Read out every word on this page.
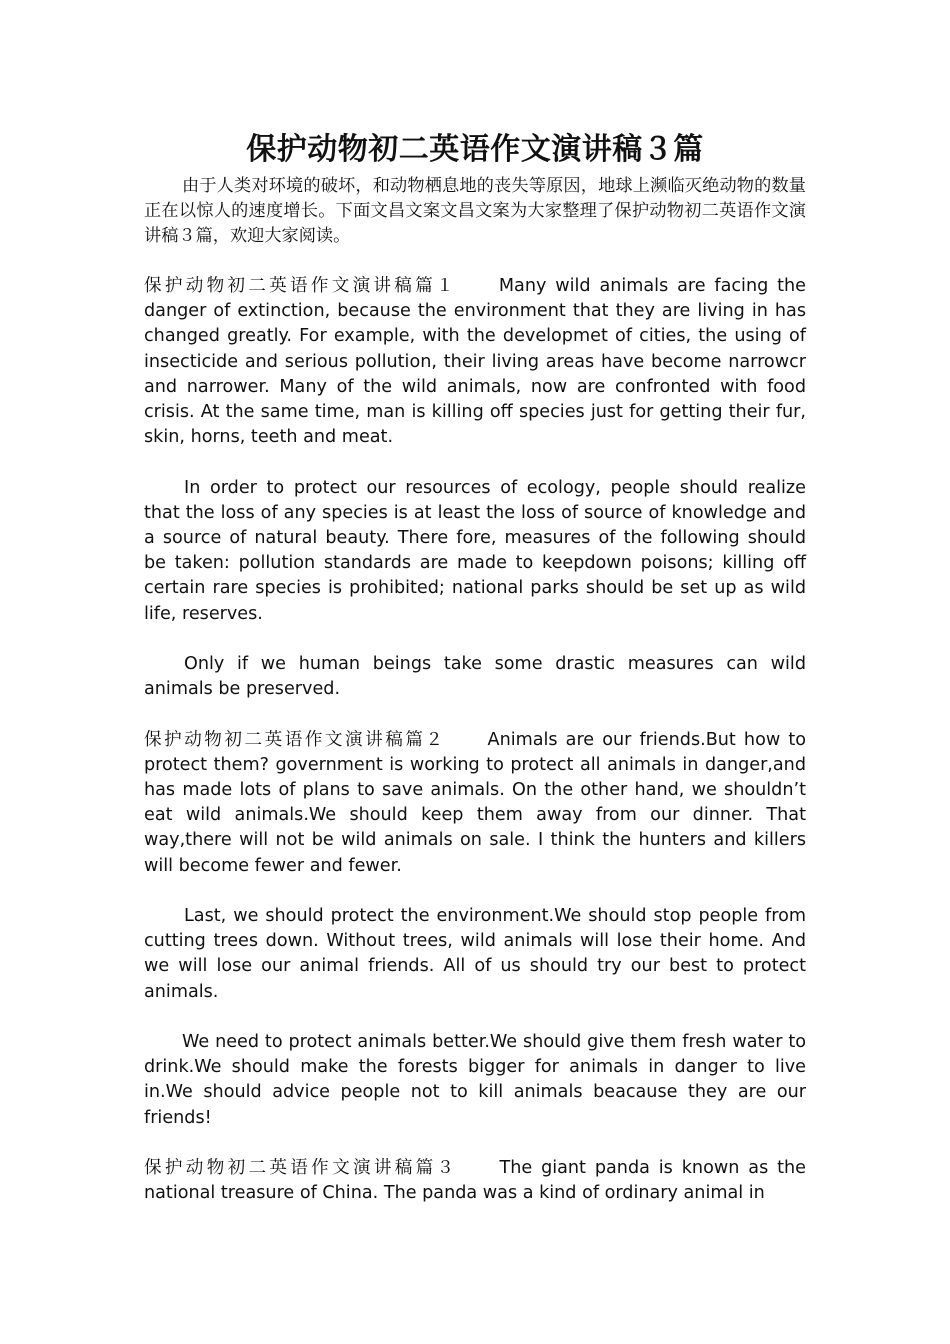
保护动物初二英语作文演讲稿３篇

由于人类对环境的破坏，和动物栖息地的丧失等原因，地球上濒临灭绝动物的数量正在以惊人的速度增长。下面文昌文案文昌文案为大家整理了保护动物初二英语作文演讲稿３篇，欢迎大家阅读。

保护动物初二英语作文演讲稿篇１ Many wild animals are facing the danger of extinction, because the environment that they are living in has changed greatly. For example, with the developmet of cities, the using of insecticide and serious pollution, their living areas have become narrowcr and narrower. Many of the wild animals, now are confronted with food crisis. At the same time, man is killing off species just for getting their fur, skin, horns, teeth and meat.

In order to protect our resources of ecology, people should realize that the loss of any species is at least the loss of source of knowledge and a source of natural beauty. There fore, measures of the following should be taken: pollution standards are made to keepdown poisons; killing off certain rare species is prohibited; national parks should be set up as wild life, reserves.

Only if we human beings take some drastic measures can wild animals be preserved.

保护动物初二英语作文演讲稿篇２ Animals are our friends.But how to protect them? government is working to protect all animals in danger,and has made lots of plans to save animals. On the other hand, we shouldn’t eat wild animals.We should keep them away from our dinner. That way,there will not be wild animals on sale. I think the hunters and killers will become fewer and fewer.

Last, we should protect the environment.We should stop people from cutting trees down. Without trees, wild animals will lose their home. And we will lose our animal friends. All of us should try our best to protect animals.

We need to protect animals better.We should give them fresh water to drink.We should make the forests bigger for animals in danger to live in.We should advice people not to kill animals beacause they are our friends!

保护动物初二英语作文演讲稿篇３ The giant panda is known as the national treasure of China. The panda was a kind of ordinary animal in
